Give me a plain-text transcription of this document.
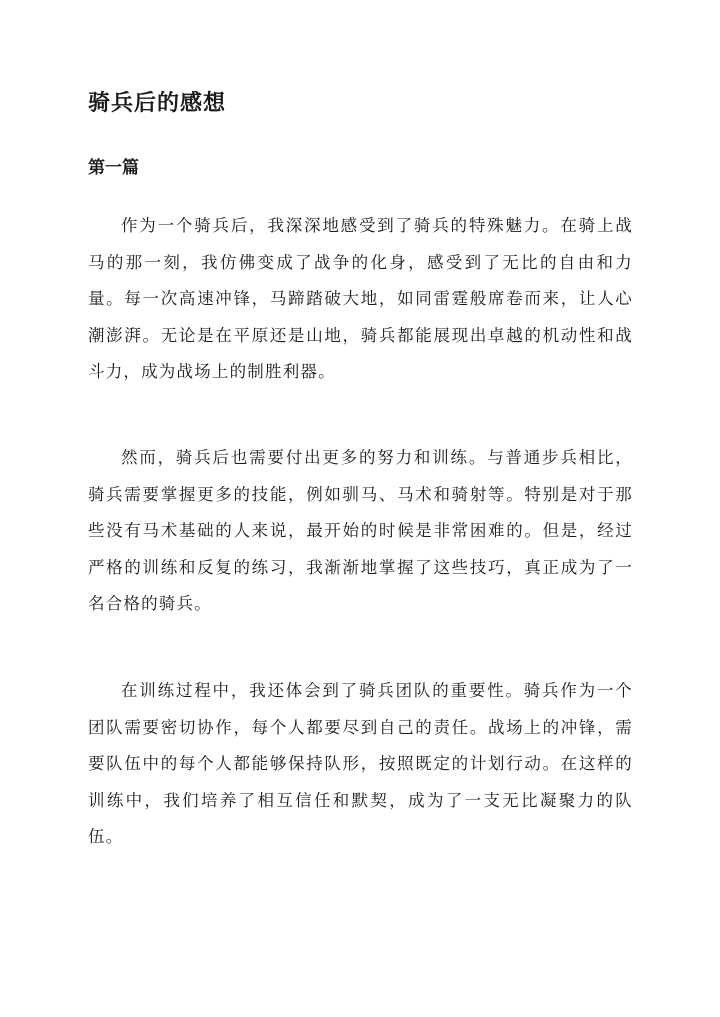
骑兵后的感想
第一篇

作为一个骑兵后，我深深地感受到了骑兵的特殊魅力。在骑上战马的那一刻，我仿佛变成了战争的化身，感受到了无比的自由和力量。每一次高速冲锋，马蹄踏破大地，如同雷霆般席卷而来，让人心潮澎湃。无论是在平原还是山地，骑兵都能展现出卓越的机动性和战斗力，成为战场上的制胜利器。

然而，骑兵后也需要付出更多的努力和训练。与普通步兵相比，骑兵需要掌握更多的技能，例如驯马、马术和骑射等。特别是对于那些没有马术基础的人来说，最开始的时候是非常困难的。但是，经过严格的训练和反复的练习，我渐渐地掌握了这些技巧，真正成为了一名合格的骑兵。

在训练过程中，我还体会到了骑兵团队的重要性。骑兵作为一个团队需要密切协作，每个人都要尽到自己的责任。战场上的冲锋，需要队伍中的每个人都能够保持队形，按照既定的计划行动。在这样的训练中，我们培养了相互信任和默契，成为了一支无比凝聚力的队伍。
